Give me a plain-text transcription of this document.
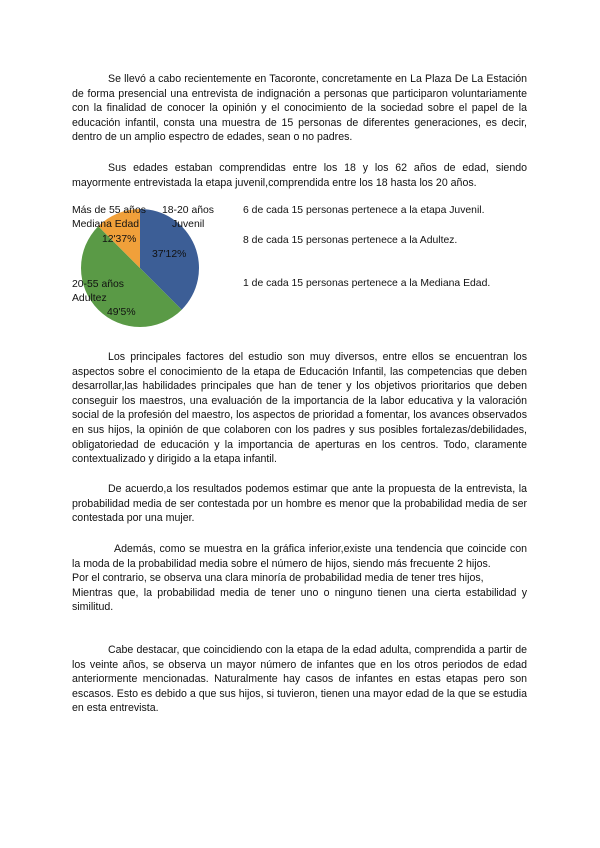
Se llevó a cabo recientemente en Tacoronte, concretamente en La Plaza De La Estación de forma presencial una entrevista de indignación a personas que participaron voluntariamente con la finalidad de conocer la opinión y el conocimiento de la sociedad sobre el papel de la educación infantil, consta una muestra de 15 personas de diferentes generaciones, es decir, dentro de un amplio espectro de edades, sean o no padres.

Sus edades estaban comprendidas entre los 18 y los 62 años de edad, siendo mayormente entrevistada la etapa juvenil,comprendida entre los 18 hasta los 20 años.

Más de 55 años
Mediana Edad
12'37%
18-20 años
Juvenil
37'12%
20-55 años
Adultez
49'5%
6 de cada 15 personas pertenece a la etapa Juvenil.
8 de cada 15 personas pertenece a la Adultez.
1 de cada 15 personas pertenece a la Mediana Edad.

Los principales factores del estudio son muy diversos, entre ellos se encuentran los aspectos sobre el conocimiento de la etapa de Educación Infantil, las competencias que deben desarrollar,las habilidades principales que han de tener y los objetivos prioritarios que deben conseguir los maestros, una evaluación de la importancia de la labor educativa y la valoración social de la profesión del maestro, los aspectos de prioridad a fomentar, los avances observados en sus hijos, la opinión de que colaboren con los padres y sus posibles fortalezas/debilidades, obligatoriedad de educación y la importancia de aperturas en los centros. Todo, claramente contextualizado y dirigido a la etapa infantil.

De acuerdo,a los resultados podemos estimar que ante la propuesta de la entrevista, la probabilidad media de ser contestada por un hombre es menor que la probabilidad media de ser contestada por una mujer.

Además, como se muestra en la gráfica inferior,existe una tendencia que coincide con la moda de la probabilidad media sobre el número de hijos, siendo más frecuente 2 hijos.
Por el contrario, se observa una clara minoría de probabilidad media de tener tres hijos,
Mientras que, la probabilidad media de tener uno o ninguno tienen una cierta estabilidad y similitud.

Cabe destacar, que coincidiendo con la etapa de la edad adulta, comprendida a partir de los veinte años, se observa un mayor número de infantes que en los otros periodos de edad anteriormente mencionadas. Naturalmente hay casos de infantes en estas etapas pero son escasos. Esto es debido a que sus hijos, si tuvieron, tienen una mayor edad de la que se estudia en esta entrevista.
